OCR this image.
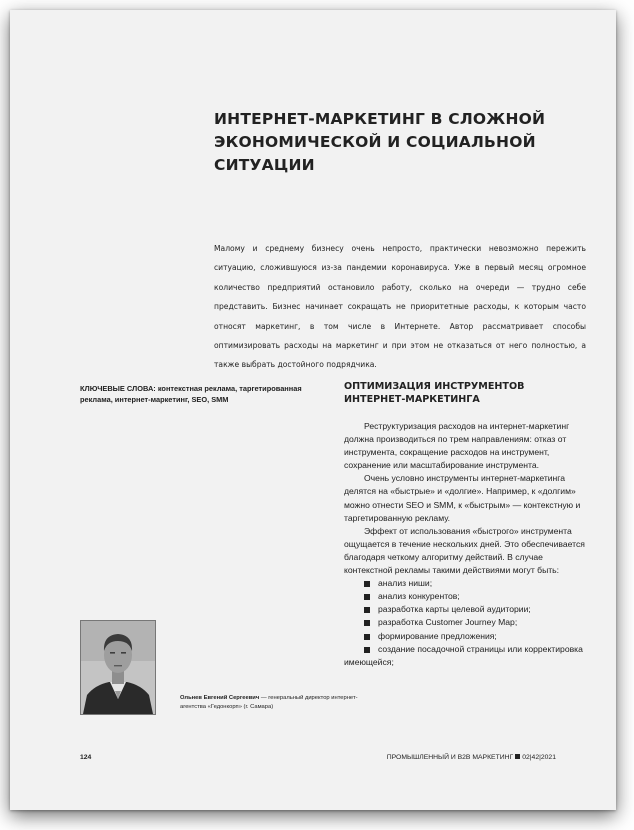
ИНТЕРНЕТ-МАРКЕТИНГ В СЛОЖНОЙ
ЭКОНОМИЧЕСКОЙ И СОЦИАЛЬНОЙ
СИТУАЦИИ

Малому и среднему бизнесу очень непросто, практически невозможно пережить ситуацию, сложившуюся из-за пандемии коронавируса. Уже в первый месяц огромное количество предприятий остановило работу, сколько на очереди — трудно себе представить. Бизнес начинает сокращать не приоритетные расходы, к которым часто относят маркетинг, в том числе в Интернете. Автор рассматривает способы оптимизировать расходы на маркетинг и при этом не отказаться от него полностью, а также выбрать достойного подрядчика.

КЛЮЧЕВЫЕ СЛОВА: контекстная реклама, таргетированная реклама, интернет-маркетинг, SEO, SMM

ОПТИМИЗАЦИЯ ИНСТРУМЕНТОВ
ИНТЕРНЕТ-МАРКЕТИНГА

Реструктуризация расходов на интернет-маркетинг должна производиться по трем направлениям: отказ от инструмента, сокращение расходов на инструмент, сохранение или масштабирование инструмента.

Очень условно инструменты интернет-маркетинга делятся на «быстрые» и «долгие». Например, к «долгим» можно отнести SEO и SMM, к «быстрым» — контекстную и таргетированную рекламу.

Эффект от использования «быстрого» инструмента ощущается в течение нескольких дней. Это обеспечивается благодаря четкому алгоритму действий. В случае контекстной рекламы такими действиями могут быть:

анализ ниши;
анализ конкурентов;
разработка карты целевой аудитории;
разработка Customer Journey Map;
формирование предложения;
создание посадочной страницы или корректировка имеющейся;
Ольнев Евгений Сергеевич — генеральный директор интернет-агентства «Гедонкорп» (г. Самара)
124	ПРОМЫШЛЕННЫЙ И B2B МАРКЕТИНГ 02|42|2021
